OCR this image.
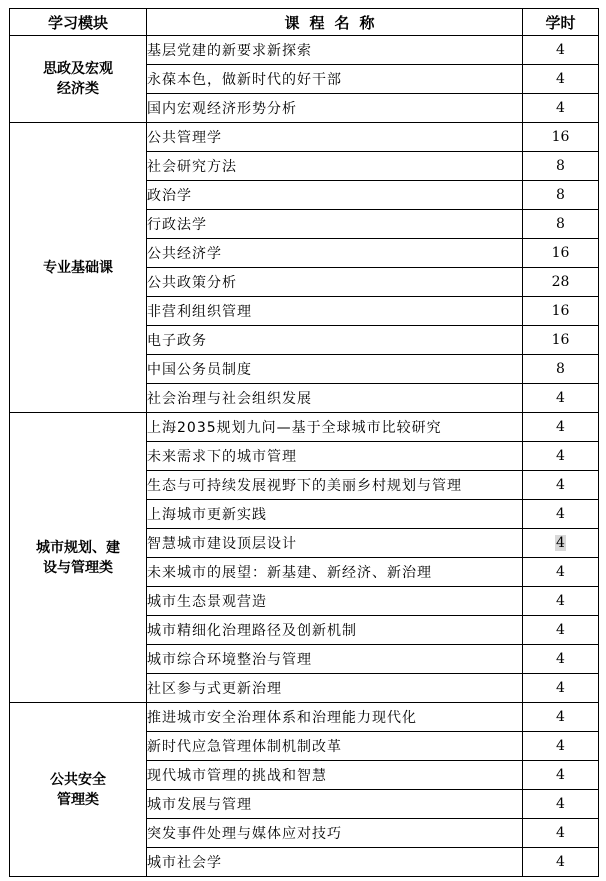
学习模块	课程名称	学时

思政及宏观
经济类	基层党建的新要求新探索	4
	永葆本色，做新时代的好干部	4
	国内宏观经济形势分析	4

专业基础课	公共管理学	16
	社会研究方法	8
	政治学	8
	行政法学	8
	公共经济学	16
	公共政策分析	28
	非营利组织管理	16
	电子政务	16
	中国公务员制度	8
	社会治理与社会组织发展	4

城市规划、建
设与管理类	上海2035规划九问—基于全球城市比较研究	4
	未来需求下的城市管理	4
	生态与可持续发展视野下的美丽乡村规划与管理	4
	上海城市更新实践	4
	智慧城市建设顶层设计	4
	未来城市的展望：新基建、新经济、新治理	4
	城市生态景观营造	4
	城市精细化治理路径及创新机制	4
	城市综合环境整治与管理	4
	社区参与式更新治理	4

公共安全
管理类	推进城市安全治理体系和治理能力现代化	4
	新时代应急管理体制机制改革	4
	现代城市管理的挑战和智慧	4
	城市发展与管理	4
	突发事件处理与媒体应对技巧	4
	城市社会学	4
